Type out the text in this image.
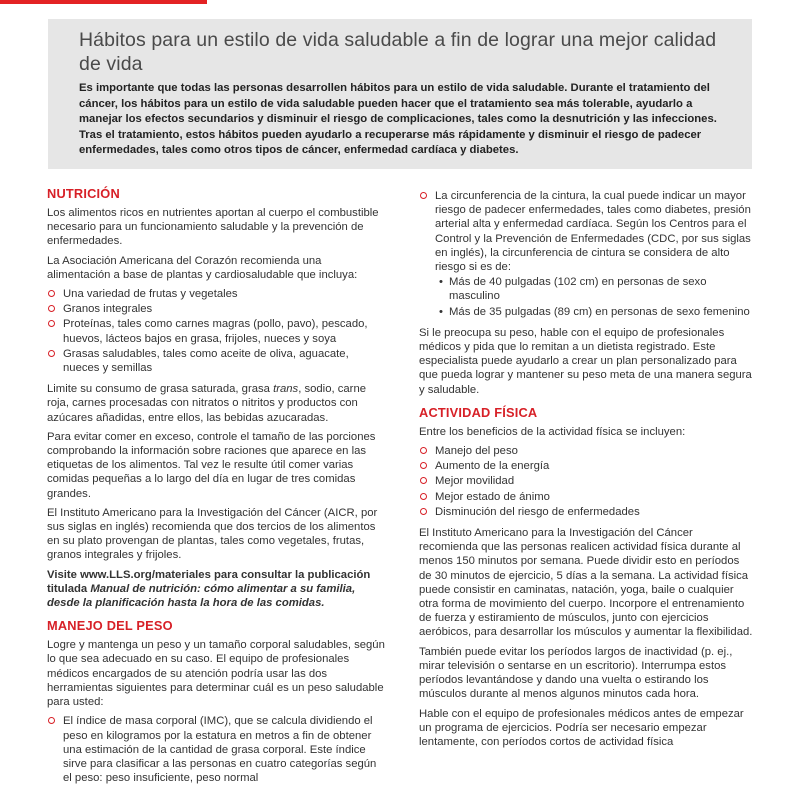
Hábitos para un estilo de vida saludable a fin de lograr una mejor calidad de vida

Es importante que todas las personas desarrollen hábitos para un estilo de vida saludable. Durante el tratamiento del cáncer, los hábitos para un estilo de vida saludable pueden hacer que el tratamiento sea más tolerable, ayudarlo a manejar los efectos secundarios y disminuir el riesgo de complicaciones, tales como la desnutrición y las infecciones. Tras el tratamiento, estos hábitos pueden ayudarlo a recuperarse más rápidamente y disminuir el riesgo de padecer enfermedades, tales como otros tipos de cáncer, enfermedad cardíaca y diabetes.

NUTRICIÓN

Los alimentos ricos en nutrientes aportan al cuerpo el combustible necesario para un funcionamiento saludable y la prevención de enfermedades.

La Asociación Americana del Corazón recomienda una alimentación a base de plantas y cardiosaludable que incluya:

Una variedad de frutas y vegetales
Granos integrales
Proteínas, tales como carnes magras (pollo, pavo), pescado, huevos, lácteos bajos en grasa, frijoles, nueces y soya
Grasas saludables, tales como aceite de oliva, aguacate, nueces y semillas

Limite su consumo de grasa saturada, grasa trans, sodio, carne roja, carnes procesadas con nitratos o nitritos y productos con azúcares añadidas, entre ellos, las bebidas azucaradas.

Para evitar comer en exceso, controle el tamaño de las porciones comprobando la información sobre raciones que aparece en las etiquetas de los alimentos. Tal vez le resulte útil comer varias comidas pequeñas a lo largo del día en lugar de tres comidas grandes.

El Instituto Americano para la Investigación del Cáncer (AICR, por sus siglas en inglés) recomienda que dos tercios de los alimentos en su plato provengan de plantas, tales como vegetales, frutas, granos integrales y frijoles.

Visite www.LLS.org/materiales para consultar la publicación titulada Manual de nutrición: cómo alimentar a su familia, desde la planificación hasta la hora de las comidas.

MANEJO DEL PESO

Logre y mantenga un peso y un tamaño corporal saludables, según lo que sea adecuado en su caso. El equipo de profesionales médicos encargados de su atención podría usar las dos herramientas siguientes para determinar cuál es un peso saludable para usted:

El índice de masa corporal (IMC), que se calcula dividiendo el peso en kilogramos por la estatura en metros a fin de obtener una estimación de la cantidad de grasa corporal. Este índice sirve para clasificar a las personas en cuatro categorías según el peso: peso insuficiente, peso normal
La circunferencia de la cintura, la cual puede indicar un mayor riesgo de padecer enfermedades, tales como diabetes, presión arterial alta y enfermedad cardíaca. Según los Centros para el Control y la Prevención de Enfermedades (CDC, por sus siglas en inglés), la circunferencia de cintura se considera de alto riesgo si es de:
• Más de 40 pulgadas (102 cm) en personas de sexo masculino
• Más de 35 pulgadas (89 cm) en personas de sexo femenino

Si le preocupa su peso, hable con el equipo de profesionales médicos y pida que lo remitan a un dietista registrado. Este especialista puede ayudarlo a crear un plan personalizado para que pueda lograr y mantener su peso meta de una manera segura y saludable.

ACTIVIDAD FÍSICA

Entre los beneficios de la actividad física se incluyen:

Manejo del peso
Aumento de la energía
Mejor movilidad
Mejor estado de ánimo
Disminución del riesgo de enfermedades

El Instituto Americano para la Investigación del Cáncer recomienda que las personas realicen actividad física durante al menos 150 minutos por semana. Puede dividir esto en períodos de 30 minutos de ejercicio, 5 días a la semana. La actividad física puede consistir en caminatas, natación, yoga, baile o cualquier otra forma de movimiento del cuerpo. Incorpore el entrenamiento de fuerza y estiramiento de músculos, junto con ejercicios aeróbicos, para desarrollar los músculos y aumentar la flexibilidad.

También puede evitar los períodos largos de inactividad (p. ej., mirar televisión o sentarse en un escritorio). Interrumpa estos períodos levantándose y dando una vuelta o estirando los músculos durante al menos algunos minutos cada hora.

Hable con el equipo de profesionales médicos antes de empezar un programa de ejercicios. Podría ser necesario empezar lentamente, con períodos cortos de actividad física
